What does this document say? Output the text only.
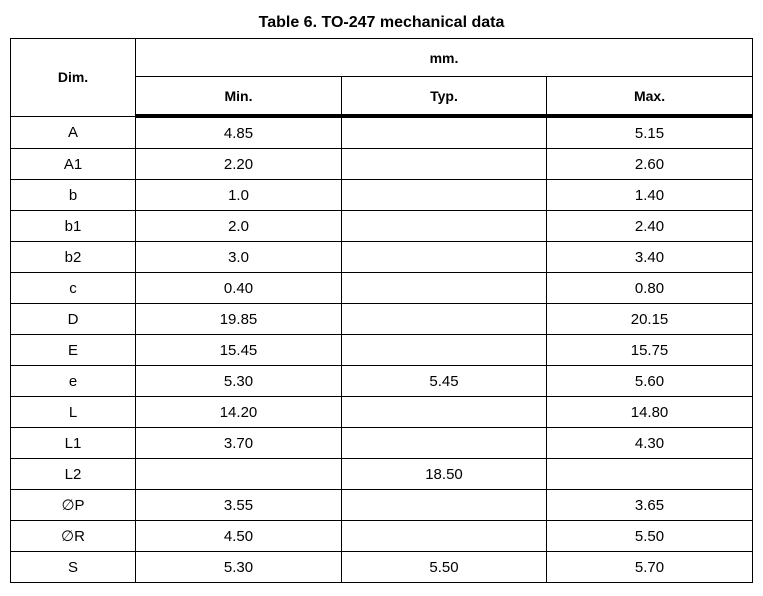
Table 6. TO-247 mechanical data
Dim.	mm.		
	Min.	Typ.	Max.
A	4.85		5.15
A1	2.20		2.60
b	1.0		1.40
b1	2.0		2.40
b2	3.0		3.40
c	0.40		0.80
D	19.85		20.15
E	15.45		15.75
e	5.30	5.45	5.60
L	14.20		14.80
L1	3.70		4.30
L2		18.50	
∅P	3.55		3.65
∅R	4.50		5.50
S	5.30	5.50	5.70
